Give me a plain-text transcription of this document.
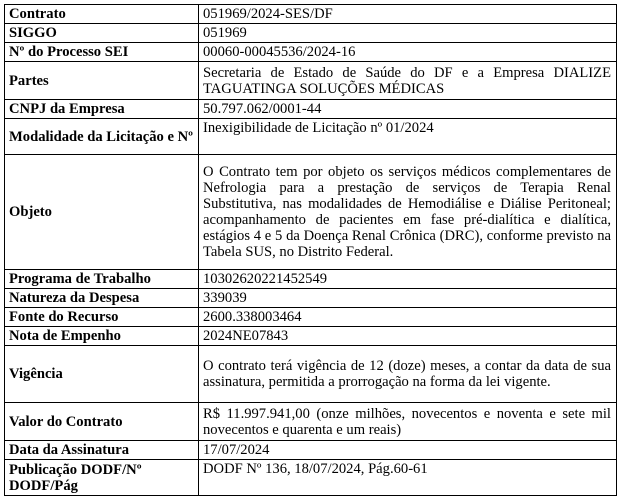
Contrato	051969/2024-SES/DF
SIGGO	051969
Nº do Processo SEI	00060-00045536/2024-16
Partes	Secretaria de Estado de Saúde do DF e a Empresa DIALIZE TAGUATINGA SOLUÇÕES MÉDICAS
CNPJ da Empresa	50.797.062/0001-44
Modalidade da Licitação e Nº	Inexigibilidade de Licitação nº 01/2024
Objeto	O Contrato tem por objeto os serviços médicos complementares de Nefrologia para a prestação de serviços de Terapia Renal Substitutiva, nas modalidades de Hemodiálise e Diálise Peritoneal; acompanhamento de pacientes em fase pré-dialítica e dialítica, estágios 4 e 5 da Doença Renal Crônica (DRC), conforme previsto na Tabela SUS, no Distrito Federal.
Programa de Trabalho	10302620221452549
Natureza da Despesa	339039
Fonte do Recurso	2600.338003464
Nota de Empenho	2024NE07843
Vigência	O contrato terá vigência de 12 (doze) meses, a contar da data de sua assinatura, permitida a prorrogação na forma da lei vigente.
Valor do Contrato	R$ 11.997.941,00 (onze milhões, novecentos e noventa e sete mil novecentos e quarenta e um reais)
Data da Assinatura	17/07/2024
Publicação DODF/Nº DODF/Pág	DODF Nº 136, 18/07/2024, Pág.60-61
